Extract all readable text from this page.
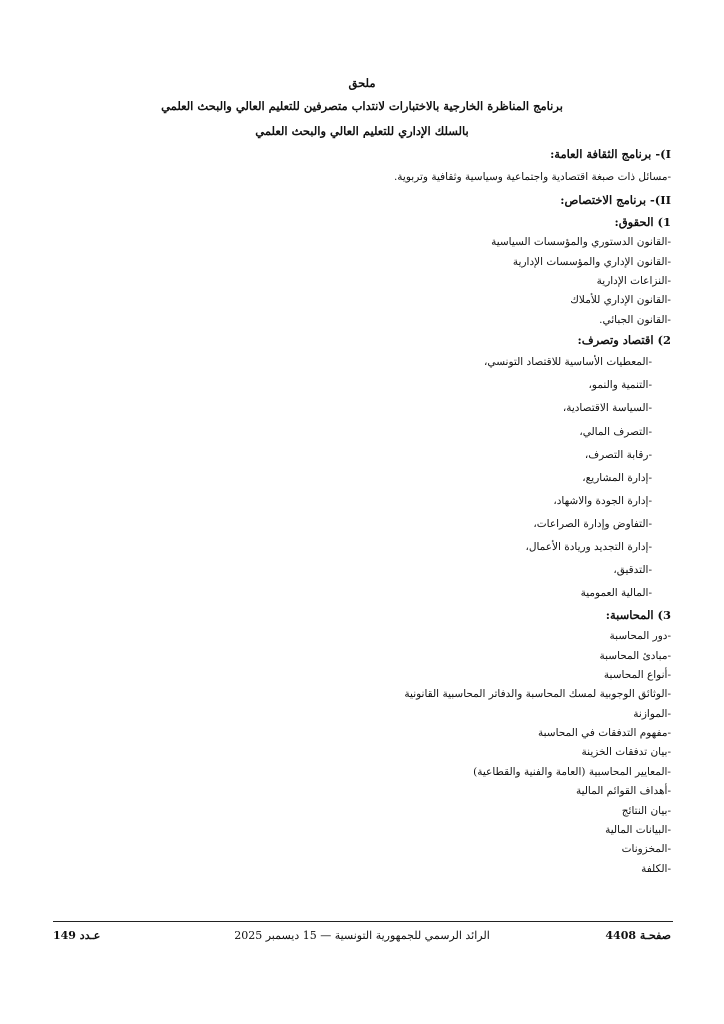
ملحق
برنامج المناظرة الخارجية بالاختبارات لانتداب متصرفين للتعليم العالي والبحث العلمي
بالسلك الإداري للتعليم العالي والبحث العلمي
I)- برنامج الثقافة العامة:
-مسائل ذات صبغة اقتصادية واجتماعية وسياسية وثقافية وتربوية.
II)- برنامج الاختصاص:
1) الحقوق:
-القانون الدستوري والمؤسسات السياسية
-القانون الإداري والمؤسسات الإدارية
-النزاعات الإدارية
-القانون الإداري للأملاك
-القانون الجبائي.
2) اقتصاد وتصرف:
-المعطيات الأساسية للاقتصاد التونسي،
-التنمية والنمو،
-السياسة الاقتصادية،
-التصرف المالي،
-رقابة التصرف،
-إدارة المشاريع،
-إدارة الجودة والاشهاد،
-التفاوض وإدارة الصراعات،
-إدارة التجديد وريادة الأعمال،
-التدقيق،
-المالية العمومية
3) المحاسبة:
-دور المحاسبة
-مبادئ المحاسبة
-أنواع المحاسبة
-الوثائق الوجوبية لمسك المحاسبة والدفاتر المحاسبية القانونية
-الموازنة
-مفهوم التدفقات في المحاسبة
-بيان تدفقات الخزينة
-المعايير المحاسبية (العامة والفنية والقطاعية)
-أهداف القوائم المالية
-بيان النتائج
-البيانات المالية
-المخزونات
-الكلفة
صفحـة 4408
الرائد الرسمي للجمهورية التونسية — 15 ديسمبر 2025
عـدد 149
